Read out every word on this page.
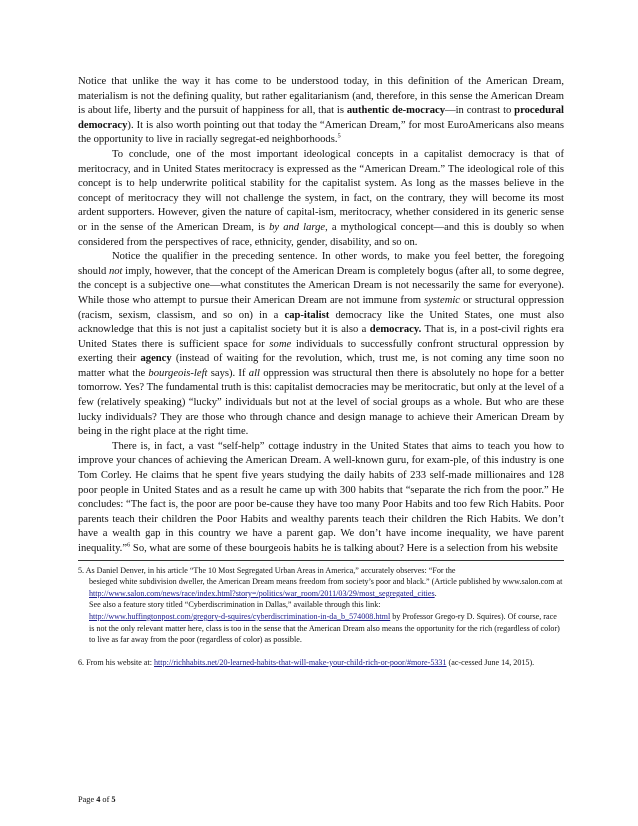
Notice that unlike the way it has come to be understood today, in this definition of the American Dream, materialism is not the defining quality, but rather egalitarianism (and, therefore, in this sense the American Dream is about life, liberty and the pursuit of happiness for all, that is authentic de-mocracy—in contrast to procedural democracy). It is also worth pointing out that today the “American Dream,” for most EuroAmericans also means the opportunity to live in racially segregat-ed neighborhoods.$^5$

To conclude, one of the most important ideological concepts in a capitalist democracy is that of meritocracy, and in United States meritocracy is expressed as the “American Dream.” The ideological role of this concept is to help underwrite political stability for the capitalist system. As long as the masses believe in the concept of meritocracy they will not challenge the system, in fact, on the contrary, they will become its most ardent supporters. However, given the nature of capital-ism, meritocracy, whether considered in its generic sense or in the sense of the American Dream, is by and large, a mythological concept—and this is doubly so when considered from the perspectives of race, ethnicity, gender, disability, and so on.

Notice the qualifier in the preceding sentence. In other words, to make you feel better, the foregoing should not imply, however, that the concept of the American Dream is completely bogus (after all, to some degree, the concept is a subjective one—what constitutes the American Dream is not necessarily the same for everyone). While those who attempt to pursue their American Dream are not immune from systemic or structural oppression (racism, sexism, classism, and so on) in a cap-italist democracy like the United States, one must also acknowledge that this is not just a capitalist society but it is also a democracy. That is, in a post-civil rights era United States there is sufficient space for some individuals to successfully confront structural oppression by exerting their agency (instead of waiting for the revolution, which, trust me, is not coming any time soon no matter what the bourgeois-left says). If all oppression was structural then there is absolutely no hope for a better tomorrow. Yes? The fundamental truth is this: capitalist democracies may be meritocratic, but only at the level of a few (relatively speaking) “lucky” individuals but not at the level of social groups as a whole. But who are these lucky individuals? They are those who through chance and design manage to achieve their American Dream by being in the right place at the right time.

There is, in fact, a vast “self-help” cottage industry in the United States that aims to teach you how to improve your chances of achieving the American Dream. A well-known guru, for exam-ple, of this industry is one Tom Corley. He claims that he spent five years studying the daily habits of 233 self-made millionaires and 128 poor people in United States and as a result he came up with 300 habits that “separate the rich from the poor.” He concludes: “The fact is, the poor are poor be-cause they have too many Poor Habits and too few Rich Habits. Poor parents teach their children the Poor Habits and wealthy parents teach their children the Rich Habits. We don’t have a wealth gap in this country we have a parent gap. We don’t have income inequality, we have parent inequality.”$^6$ So, what are some of these bourgeois habits he is talking about? Here is a selection from his website

5. As Daniel Denver, in his article “The 10 Most Segregated Urban Areas in America,” accurately observes: “For the

besieged white subdivision dweller, the American Dream means freedom from society’s poor and black.” (Article published by www.salon.com at

http://www.salon.com/news/race/index.html?story=/politics/war_room/2011/03/29/most_segregated_cities.

See also a feature story titled “Cyberdiscrimination in Dallas,” available through this link:

http://www.huffingtonpost.com/gregory-d-squires/cyberdiscrimination-in-da_b_574008.html by Professor Grego-ry D. Squires). Of course, race is not the only relevant matter here, class is too in the sense that the American Dream also means the opportunity for the rich (regardless of color) to live as far away from the poor (regardless of color) as possible.

6. From his website at: http://richhabits.net/20-learned-habits-that-will-make-your-child-rich-or-poor/#more-5331 (ac-cessed June 14, 2015).

Page 4 of 5
